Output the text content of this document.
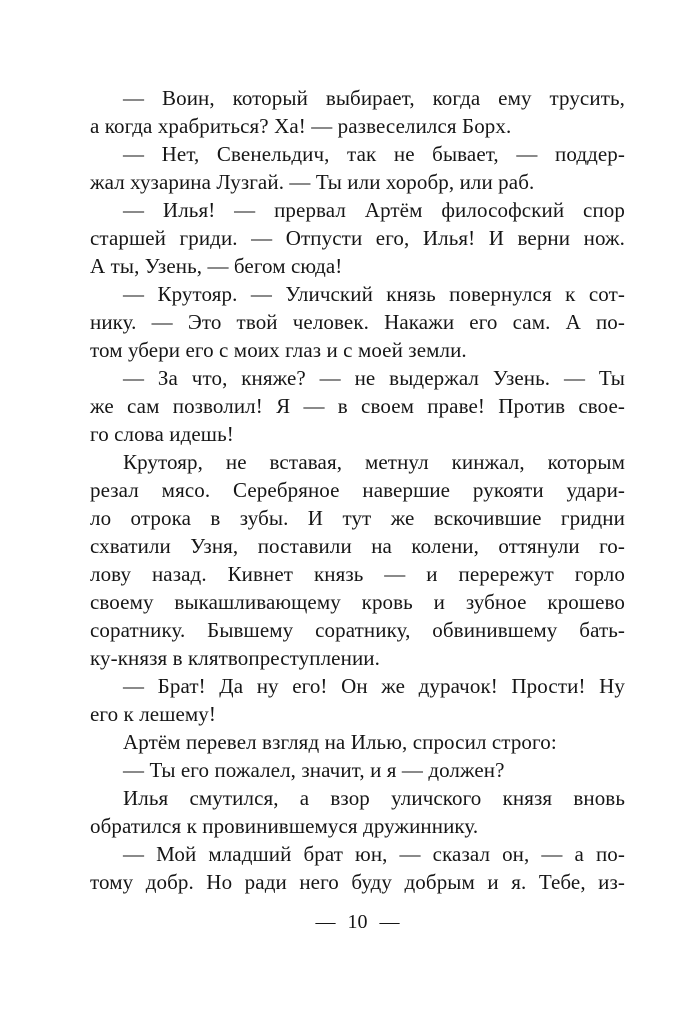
— Воин, который выбирает, когда ему трусить,
а когда храбриться? Ха! — развеселился Борх.
— Нет, Свенельдич, так не бывает, — поддер-
жал хузарина Лузгай. — Ты или хоробр, или раб.
— Илья! — прервал Артём философский спор
старшей гриди. — Отпусти его, Илья! И верни нож.
А ты, Узень, — бегом сюда!
— Крутояр. — Уличский князь повернулся к сот-
нику. — Это твой человек. Накажи его сам. А по-
том убери его с моих глаз и с моей земли.
— За что, княже? — не выдержал Узень. — Ты
же сам позволил! Я — в своем праве! Против свое-
го слова идешь!
Крутояр, не вставая, метнул кинжал, которым
резал мясо. Серебряное навершие рукояти удари-
ло отрока в зубы. И тут же вскочившие гридни
схватили Узня, поставили на колени, оттянули го-
лову назад. Кивнет князь — и перережут горло
своему выкашливающему кровь и зубное крошево
соратнику. Бывшему соратнику, обвинившему бать-
ку-князя в клятвопреступлении.
— Брат! Да ну его! Он же дурачок! Прости! Ну
его к лешему!
Артём перевел взгляд на Илью, спросил строго:
— Ты его пожалел, значит, и я — должен?
Илья смутился, а взор уличского князя вновь
обратился к провинившемуся дружиннику.
— Мой младший брат юн, — сказал он, — а по-
тому добр. Но ради него буду добрым и я. Тебе, из-
— 10 —
